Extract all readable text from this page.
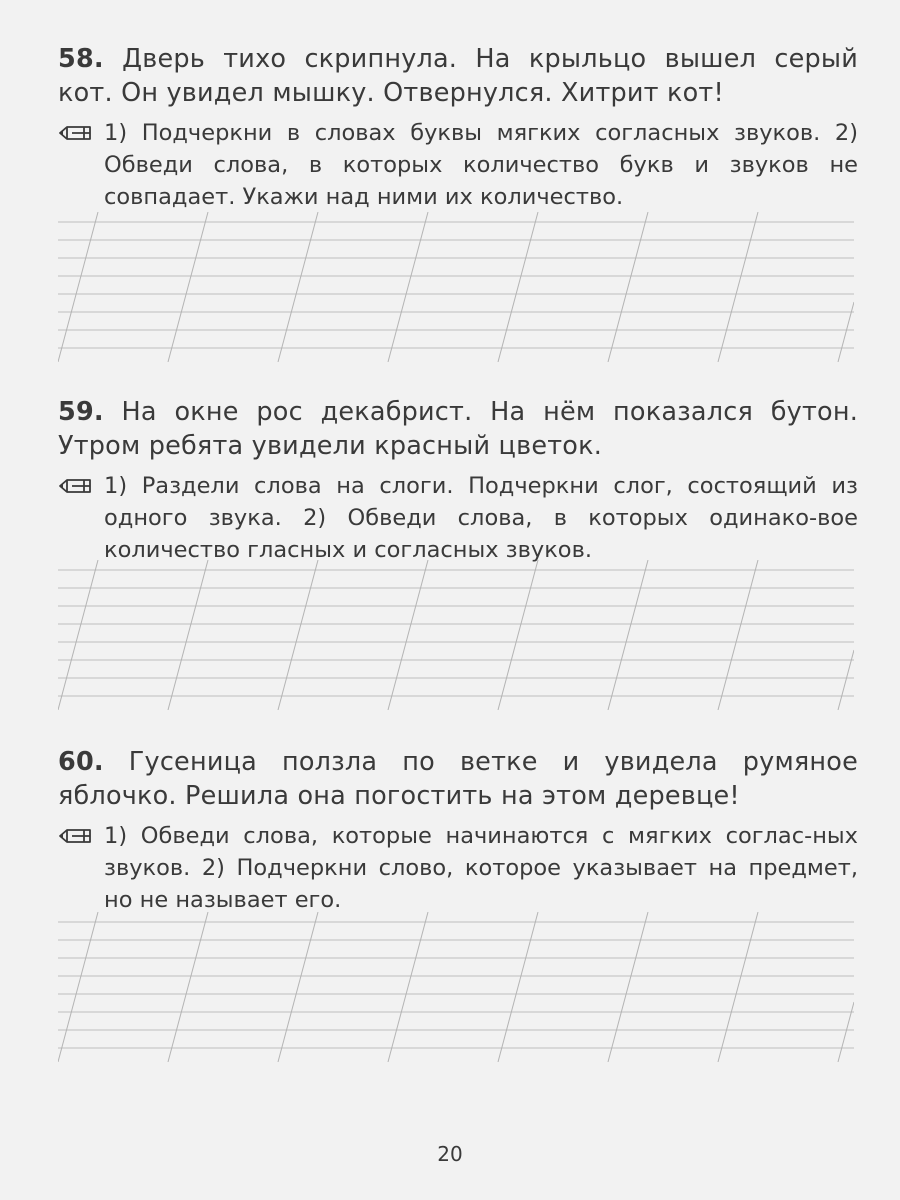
58. Дверь тихо скрипнула. На крыльцо вышел серый

кот. Он увидел мышку. Отвернулся. Хитрит кот!

1) Подчеркни в словах буквы мягких согласных звуков. 2) Обведи слова, в которых количество букв и звуков не совпадает. Укажи над ними их количество.

59. На окне рос декабрист. На нём показался бутон.

Утром ребята увидели красный цветок.

1) Раздели слова на слоги. Подчеркни слог, состоящий из одного звука. 2) Обведи слова, в которых одинако-вое количество гласных и согласных звуков.

60. Гусеница ползла по ветке и увидела румяное

яблочко. Решила она погостить на этом деревце!

1) Обведи слова, которые начинаются с мягких соглас-ных звуков. 2) Подчеркни слово, которое указывает на предмет, но не называет его.

20
